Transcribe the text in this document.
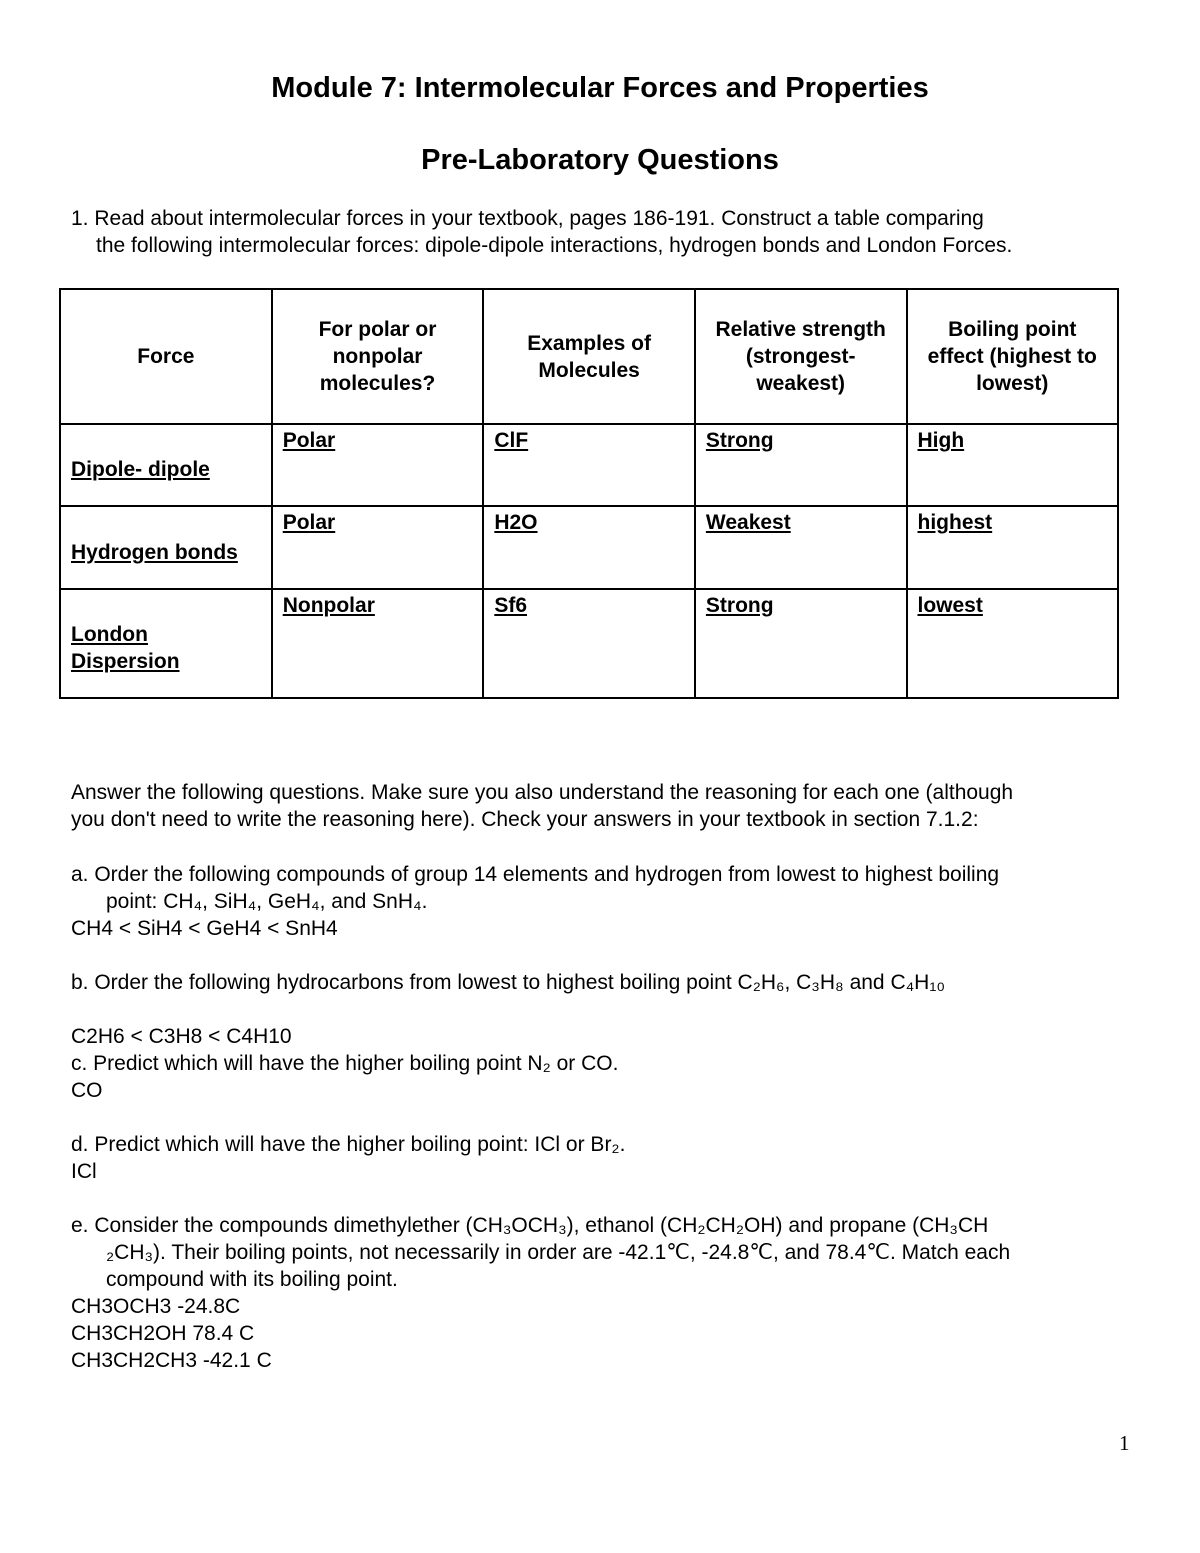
Module 7: Intermolecular Forces and Properties
Pre-Laboratory Questions
1. Read about intermolecular forces in your textbook, pages 186-191. Construct a table comparing
the following intermolecular forces: dipole-dipole interactions, hydrogen bonds and London Forces.
Force	For polar or nonpolar molecules?	Examples of Molecules	Relative strength (strongest-weakest)	Boiling point effect (highest to lowest)
Dipole- dipole	Polar	ClF	Strong	High
Hydrogen bonds	Polar	H2O	Weakest	highest
London Dispersion	Nonpolar	Sf6	Strong	lowest
Answer the following questions. Make sure you also understand the reasoning for each one (although
you don't need to write the reasoning here). Check your answers in your textbook in section 7.1.2:
a. Order the following compounds of group 14 elements and hydrogen from lowest to highest boiling
point: CH₄, SiH₄, GeH₄, and SnH₄.
CH4 < SiH4 < GeH4 < SnH4
b. Order the following hydrocarbons from lowest to highest boiling point C₂H₆, C₃H₈ and C₄H₁₀
C2H6 < C3H8 < C4H10
c. Predict which will have the higher boiling point N₂ or CO.
CO
d. Predict which will have the higher boiling point: ICl or Br₂.
ICl
e. Consider the compounds dimethylether (CH₃OCH₃), ethanol (CH₂CH₂OH) and propane (CH₃CH
₂CH₃). Their boiling points, not necessarily in order are -42.1℃, -24.8℃, and 78.4℃. Match each
compound with its boiling point.
CH3OCH3 -24.8C
CH3CH2OH 78.4 C
CH3CH2CH3 -42.1 C
1
